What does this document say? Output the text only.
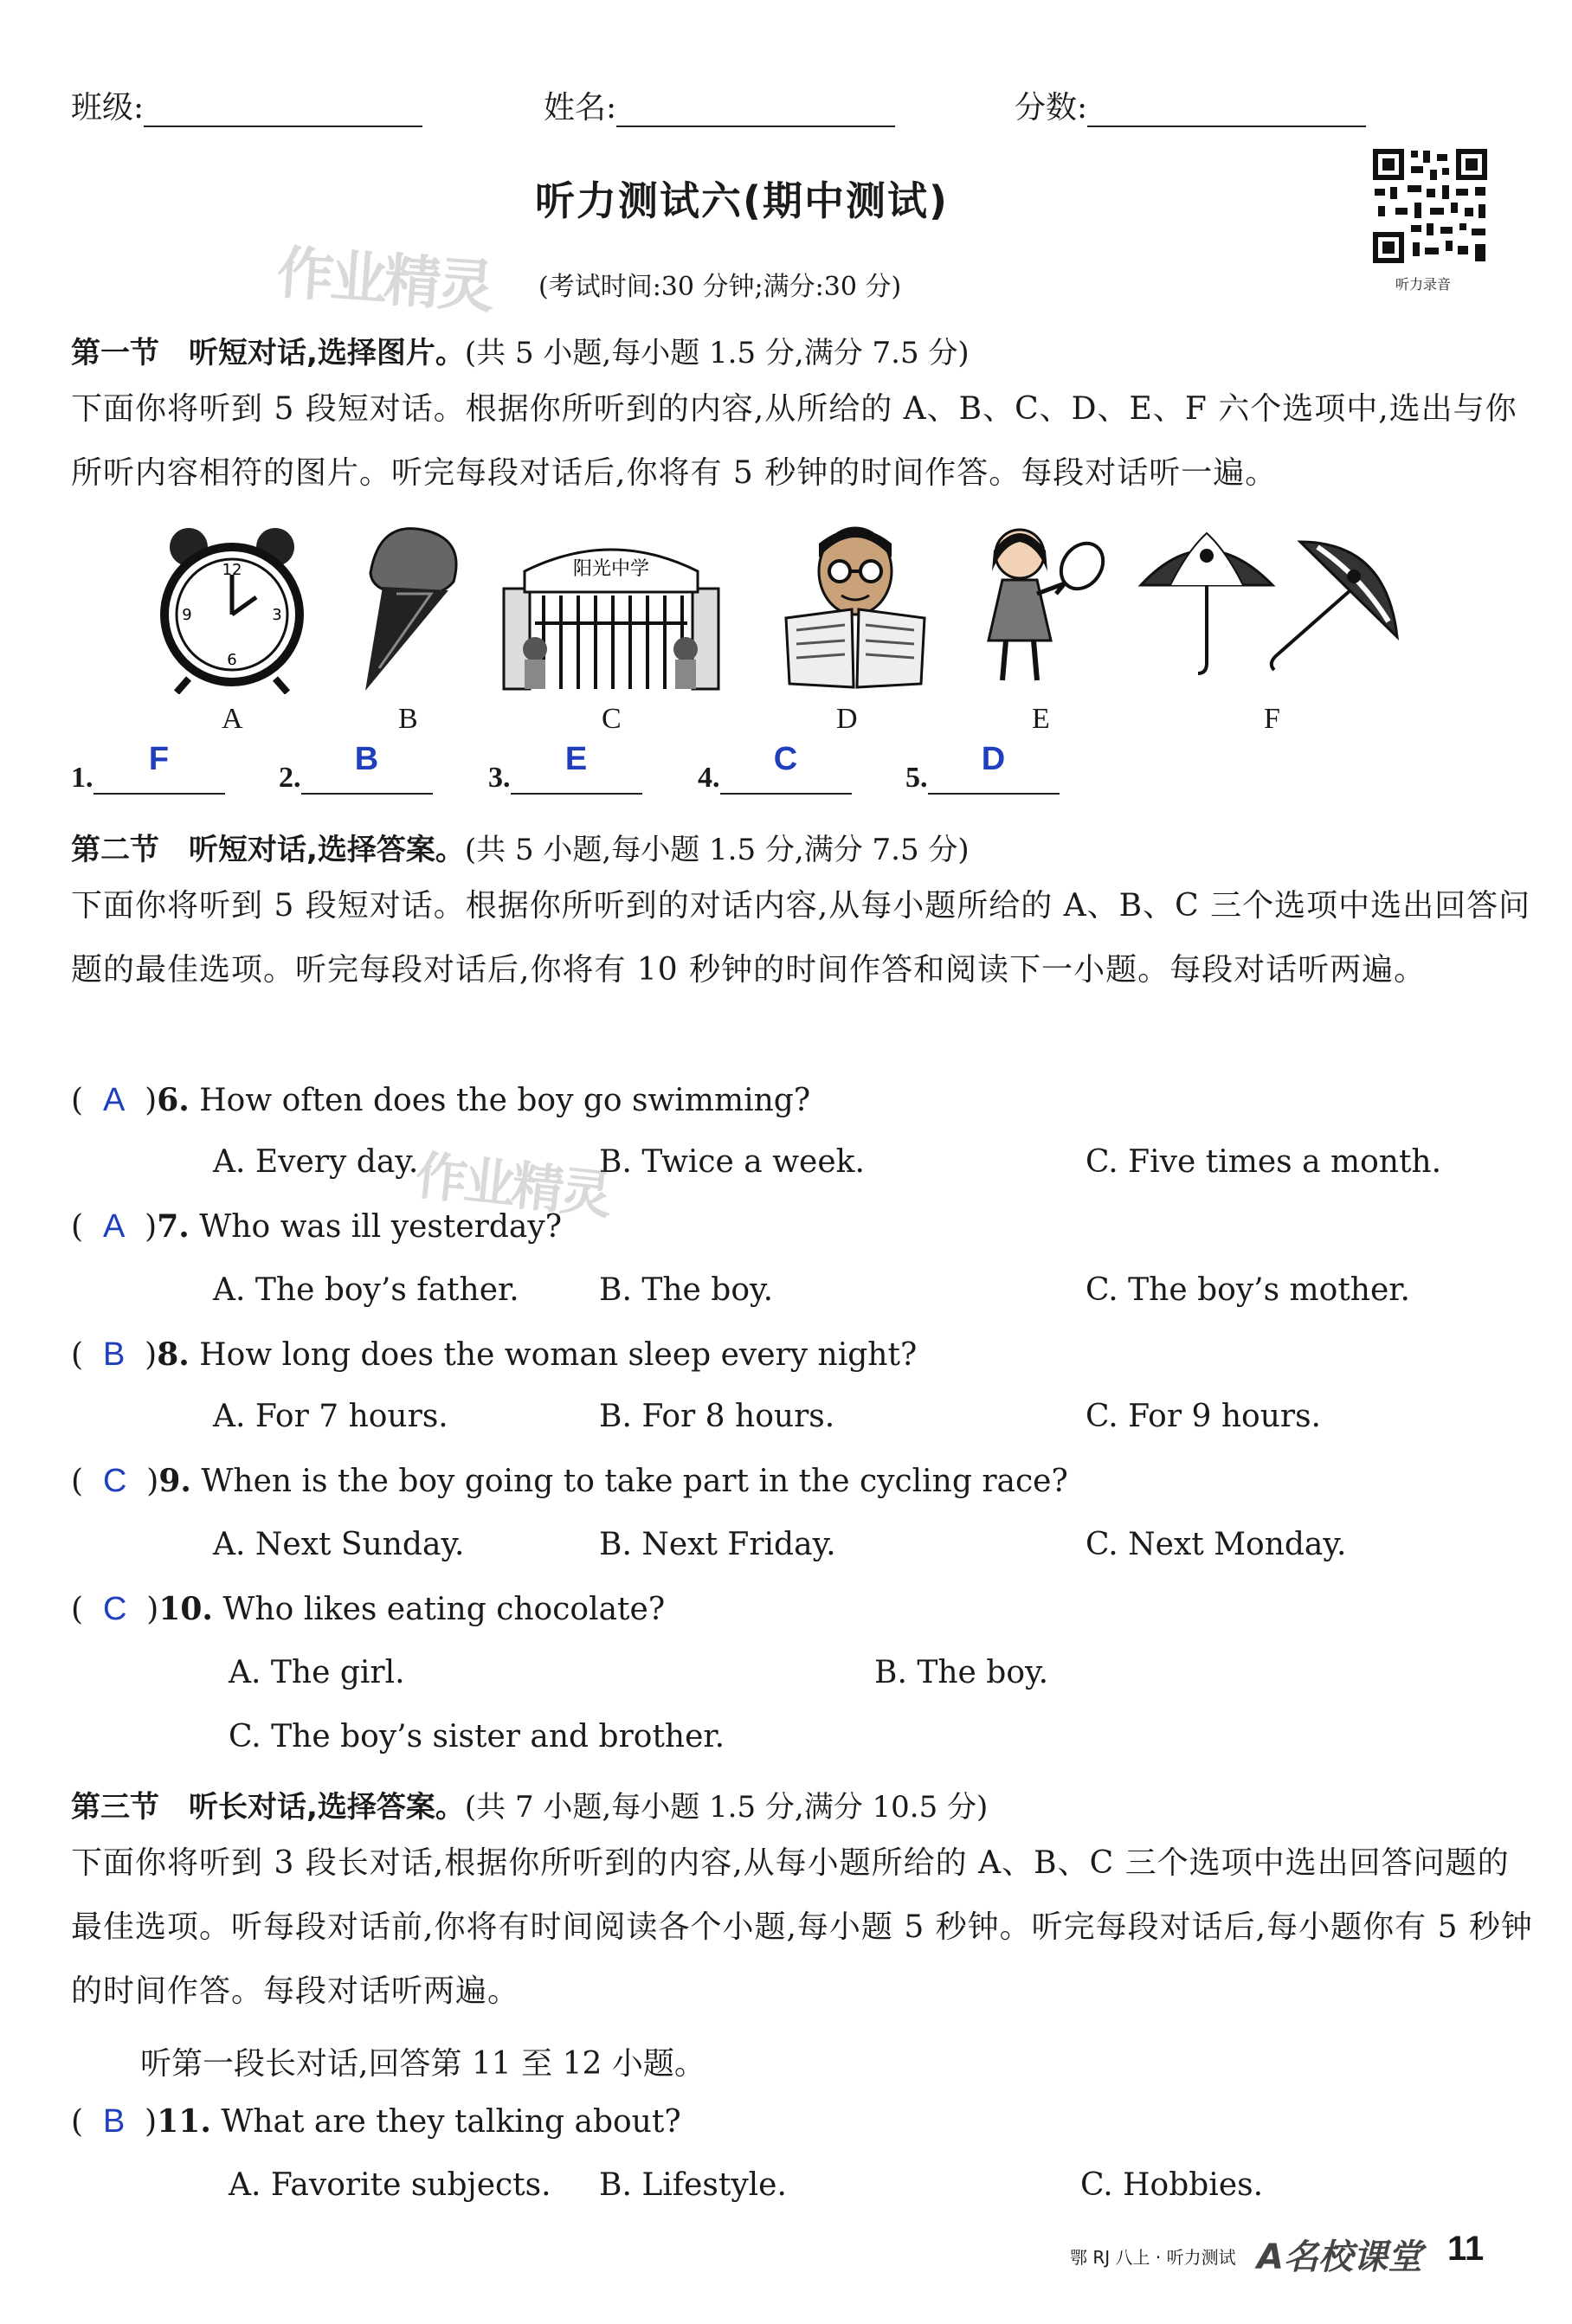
班级:	姓名:	分数:
听力测试六(期中测试)
作业精灵 (考试时间:30 分钟;满分:30 分)	听力录音
第一节　听短对话,选择图片。(共 5 小题,每小题 1.5 分,满分 7.5 分)
下面你将听到 5 段短对话。根据你所听到的内容,从所给的 A、B、C、D、E、F 六个选项中,选出与你所听内容相符的图片。听完每段对话后,你将有 5 秒钟的时间作答。每段对话听一遍。
12
3
6
9
阳光中学
A	B	C	D	E	F
1.
F
2.
B
3.
E
4.
C
5.
D
第二节　听短对话,选择答案。(共 5 小题,每小题 1.5 分,满分 7.5 分)
下面你将听到 5 段短对话。根据你所听到的对话内容,从每小题所给的 A、B、C 三个选项中选出回答问题的最佳选项。听完每段对话后,你将有 10 秒钟的时间作答和阅读下一小题。每段对话听两遍。
(  A  )6. How often does the boy go swimming?
A. Every day.	B. Twice a week.	C. Five times a month.
作业精灵
(  A  )7. Who was ill yesterday?
A. The boy’s father.	B. The boy.	C. The boy’s mother.
(  B  )8. How long does the woman sleep every night?
A. For 7 hours.	B. For 8 hours.	C. For 9 hours.
(  C  )9. When is the boy going to take part in the cycling race?
A. Next Sunday.	B. Next Friday.	C. Next Monday.
(  C  )10. Who likes eating chocolate?
A. The girl.	B. The boy.
C. The boy’s sister and brother.
第三节　听长对话,选择答案。(共 7 小题,每小题 1.5 分,满分 10.5 分)
下面你将听到 3 段长对话,根据你所听到的内容,从每小题所给的 A、B、C 三个选项中选出回答问题的最佳选项。听每段对话前,你将有时间阅读各个小题,每小题 5 秒钟。听完每段对话后,每小题你有 5 秒钟的时间作答。每段对话听两遍。
听第一段长对话,回答第 11 至 12 小题。
(  B  )11. What are they talking about?
A. Favorite subjects. B. Lifestyle.	C. Hobbies.
鄂 RJ 八上 · 听力测试 A名校课堂 11
